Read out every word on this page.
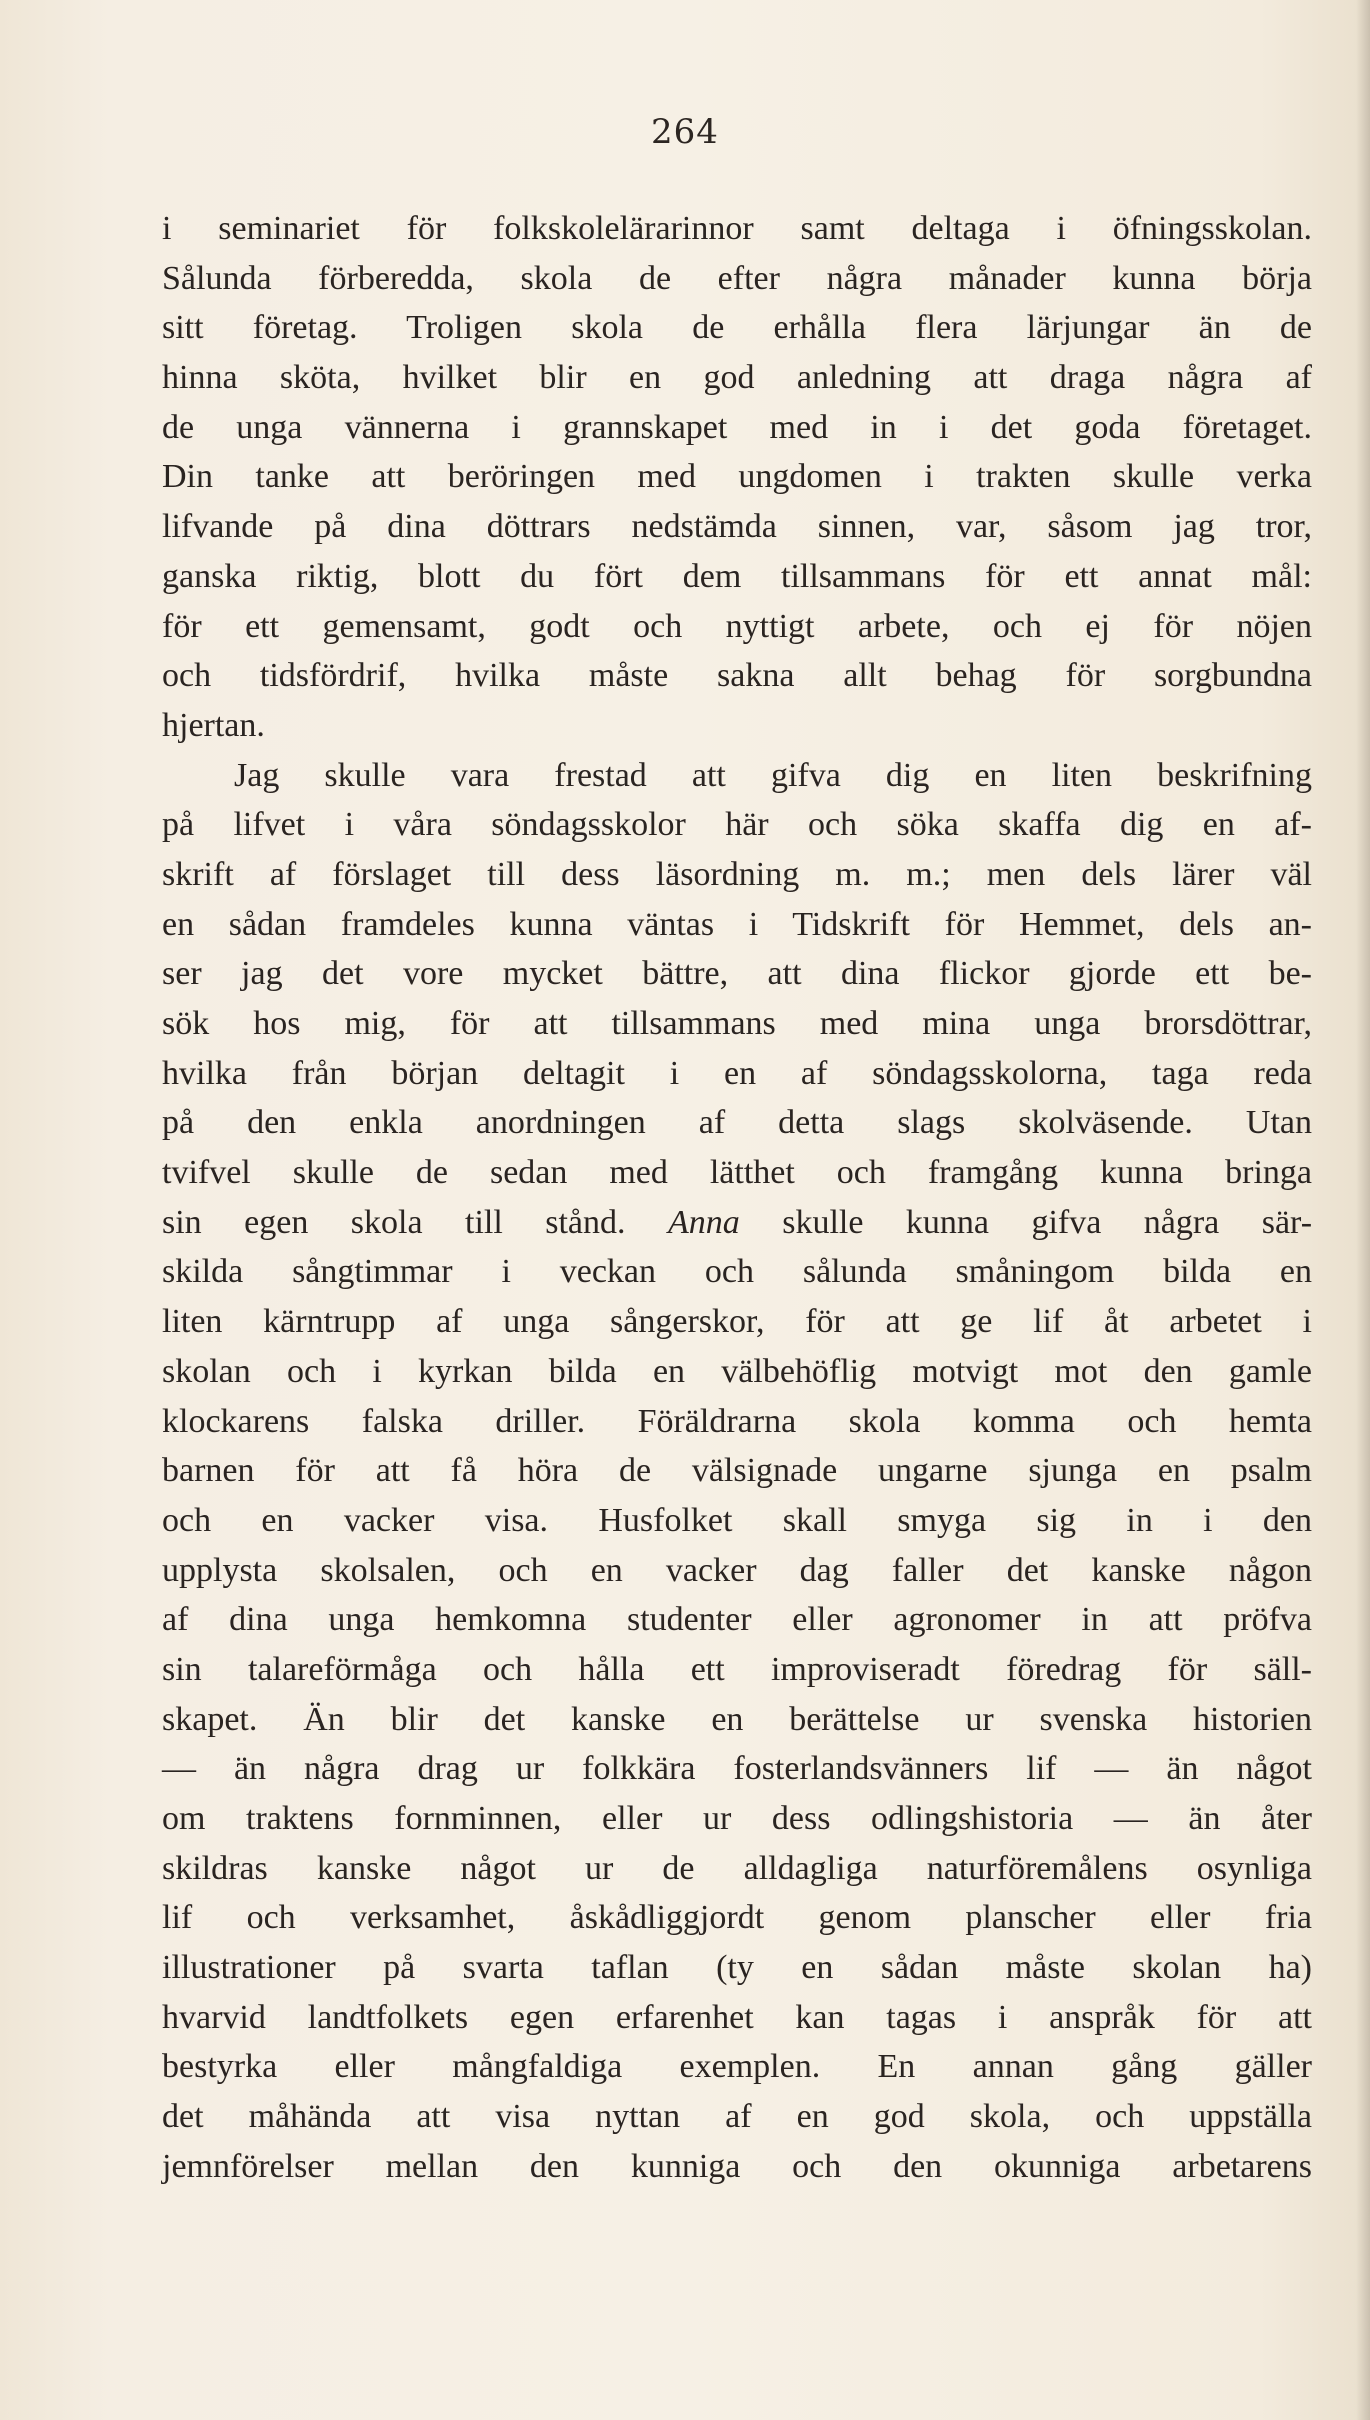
264
i seminariet för folkskolelärarinnor samt deltaga i öfningsskolan.
Sålunda förberedda, skola de efter några månader kunna börja
sitt företag. Troligen skola de erhålla flera lärjungar än de
hinna sköta, hvilket blir en god anledning att draga några af
de unga vännerna i grannskapet med in i det goda företaget.
Din tanke att beröringen med ungdomen i trakten skulle verka
lifvande på dina döttrars nedstämda sinnen, var, såsom jag tror,
ganska riktig, blott du fört dem tillsammans för ett annat mål:
för ett gemensamt, godt och nyttigt arbete, och ej för nöjen
och tidsfördrif, hvilka måste sakna allt behag för sorgbundna
hjertan.
Jag skulle vara frestad att gifva dig en liten beskrifning
på lifvet i våra söndagsskolor här och söka skaffa dig en af-
skrift af förslaget till dess läsordning m. m.; men dels lärer väl
en sådan framdeles kunna väntas i Tidskrift för Hemmet, dels an-
ser jag det vore mycket bättre, att dina flickor gjorde ett be-
sök hos mig, för att tillsammans med mina unga brorsdöttrar,
hvilka från början deltagit i en af söndagsskolorna, taga reda
på den enkla anordningen af detta slags skolväsende. Utan
tvifvel skulle de sedan med lätthet och framgång kunna bringa
sin egen skola till stånd. Anna skulle kunna gifva några sär-
skilda sångtimmar i veckan och sålunda småningom bilda en
liten kärntrupp af unga sångerskor, för att ge lif åt arbetet i
skolan och i kyrkan bilda en välbehöflig motvigt mot den gamle
klockarens falska driller. Föräldrarna skola komma och hemta
barnen för att få höra de välsignade ungarne sjunga en psalm
och en vacker visa. Husfolket skall smyga sig in i den
upplysta skolsalen, och en vacker dag faller det kanske någon
af dina unga hemkomna studenter eller agronomer in att pröfva
sin talareförmåga och hålla ett improviseradt föredrag för säll-
skapet. Än blir det kanske en berättelse ur svenska historien
— än några drag ur folkkära fosterlandsvänners lif — än något
om traktens fornminnen, eller ur dess odlingshistoria — än åter
skildras kanske något ur de alldagliga naturföremålens osynliga
lif och verksamhet, åskådliggjordt genom planscher eller fria
illustrationer på svarta taflan (ty en sådan måste skolan ha)
hvarvid landtfolkets egen erfarenhet kan tagas i anspråk för att
bestyrka eller mångfaldiga exemplen. En annan gång gäller
det måhända att visa nyttan af en god skola, och uppställa
jemnförelser mellan den kunniga och den okunniga arbetarens
